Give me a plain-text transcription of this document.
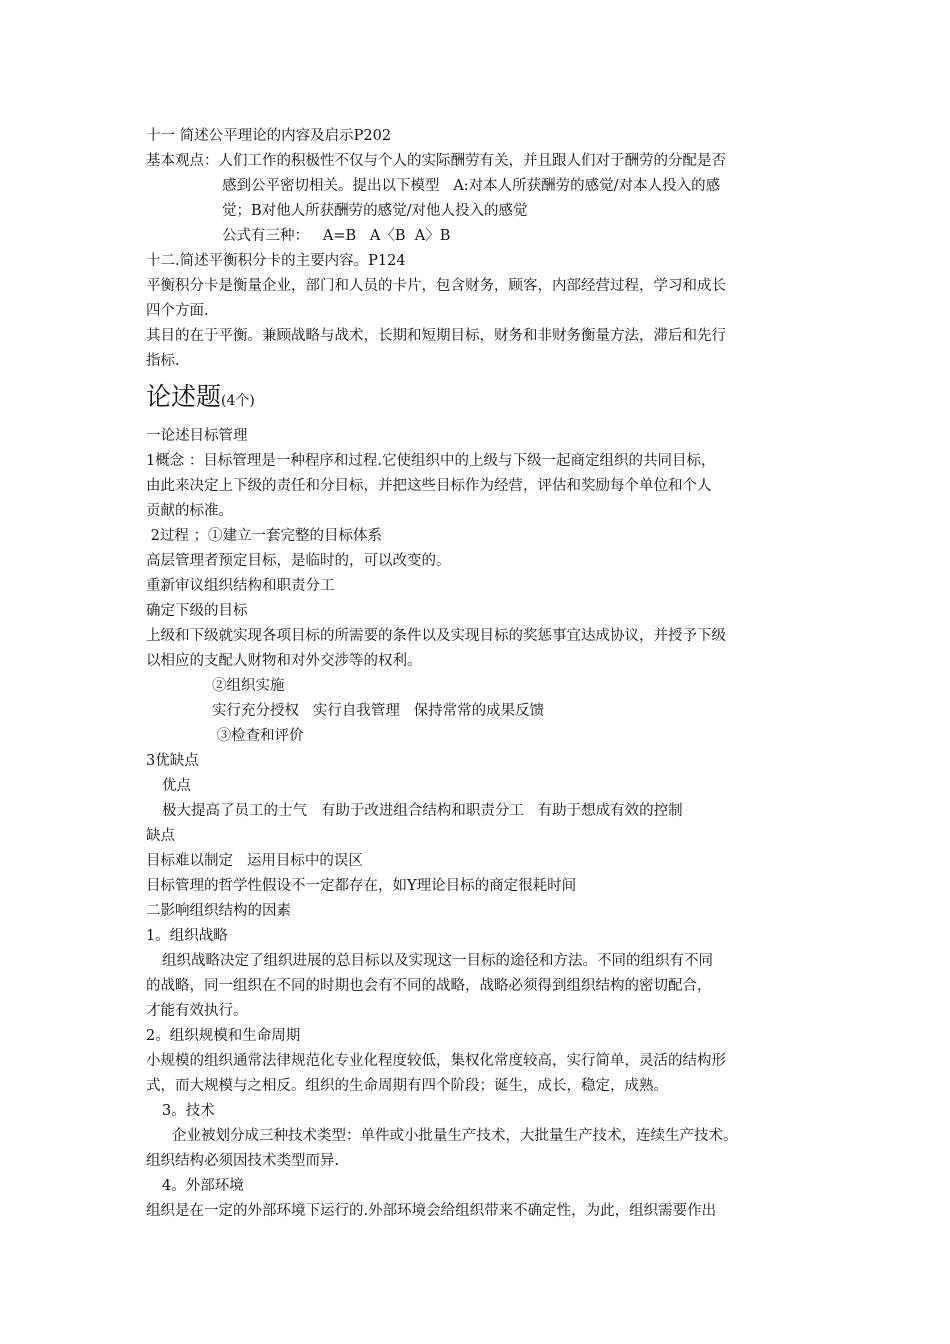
十一 简述公平理论的内容及启示P202
基本观点：人们工作的积极性不仅与个人的实际酬劳有关，并且跟人们对于酬劳的分配是否
感到公平密切相关。提出以下模型   A:对本人所获酬劳的感觉/对本人投入的感
觉；B对他人所获酬劳的感觉/对他人投入的感觉
公式有三种：   A=B   A〈B  A〉B
十二.简述平衡积分卡的主要内容。P124
平衡积分卡是衡量企业，部门和人员的卡片，包含财务，顾客，内部经营过程，学习和成长
四个方面.
其目的在于平衡。兼顾战略与战术，长期和短期目标，财务和非财务衡量方法，滞后和先行
指标.
论述题(4个)
一论述目标管理
1概念 ：目标管理是一种程序和过程.它使组织中的上级与下级一起商定组织的共同目标，
由此来决定上下级的责任和分目标，并把这些目标作为经营，评估和奖励每个单位和个人
贡献的标准。
2过程 ；①建立一套完整的目标体系
高层管理者预定目标，是临时的，可以改变的。
重新审议组织结构和职责分工
确定下级的目标
上级和下级就实现各项目标的所需要的条件以及实现目标的奖惩事宜达成协议，并授予下级
以相应的支配人财物和对外交涉等的权利。
②组织实施
实行充分授权   实行自我管理   保持常常的成果反馈
③检查和评价
3优缺点
优点
极大提高了员工的士气   有助于改进组合结构和职责分工   有助于想成有效的控制
缺点
目标难以制定   运用目标中的误区
目标管理的哲学性假设不一定都存在，如Y理论目标的商定很耗时间
二影响组织结构的因素
1。组织战略
组织战略决定了组织进展的总目标以及实现这一目标的途径和方法。不同的组织有不同
的战略，同一组织在不同的时期也会有不同的战略，战略必须得到组织结构的密切配合，
才能有效执行。
2。组织规模和生命周期
小规模的组织通常法律规范化专业化程度较低，集权化常度较高，实行简单，灵活的结构形
式，而大规模与之相反。组织的生命周期有四个阶段；诞生，成长，稳定，成熟。
3。技术
企业被划分成三种技术类型：单件或小批量生产技术，大批量生产技术，连续生产技术。
组织结构必须因技术类型而异.
4。外部环境
组织是在一定的外部环境下运行的.外部环境会给组织带来不确定性，为此，组织需要作出
